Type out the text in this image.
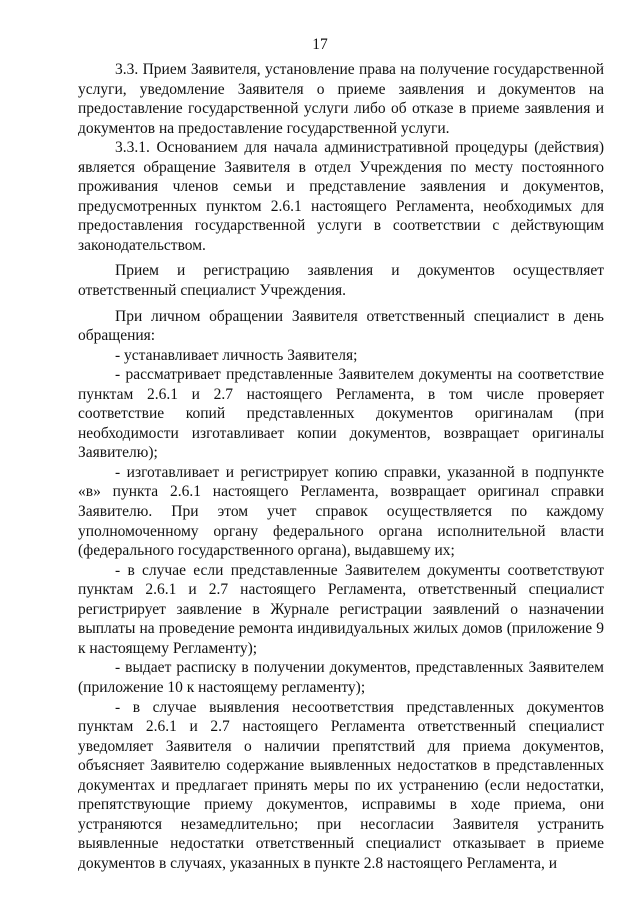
17

3.3. Прием Заявителя, установление права на получение государственной услуги, уведомление Заявителя о приеме заявления и документов на предоставление государственной услуги либо об отказе в приеме заявления и документов на предоставление государственной услуги.

3.3.1. Основанием для начала административной процедуры (действия) является обращение Заявителя в отдел Учреждения по месту постоянного проживания членов семьи и представление заявления и документов, предусмотренных пунктом 2.6.1 настоящего Регламента, необходимых для предоставления государственной услуги в соответствии с действующим законодательством.

Прием и регистрацию заявления и документов осуществляет ответственный специалист Учреждения.

При личном обращении Заявителя ответственный специалист в день обращения:

- устанавливает личность Заявителя;

- рассматривает представленные Заявителем документы на соответствие пунктам 2.6.1 и 2.7 настоящего Регламента, в том числе проверяет соответствие копий представленных документов оригиналам (при необходимости изготавливает копии документов, возвращает оригиналы Заявителю);

- изготавливает и регистрирует копию справки, указанной в подпункте «в» пункта 2.6.1 настоящего Регламента, возвращает оригинал справки Заявителю. При этом учет справок осуществляется по каждому уполномоченному органу федерального органа исполнительной власти (федерального государственного органа), выдавшему их;

- в случае если представленные Заявителем документы соответствуют пунктам 2.6.1 и 2.7 настоящего Регламента, ответственный специалист регистрирует заявление в Журнале регистрации заявлений о назначении выплаты на проведение ремонта индивидуальных жилых домов (приложение 9 к настоящему Регламенту);

- выдает расписку в получении документов, представленных Заявителем (приложение 10 к настоящему регламенту);

- в случае выявления несоответствия представленных документов пунктам 2.6.1 и 2.7 настоящего Регламента ответственный специалист уведомляет Заявителя о наличии препятствий для приема документов, объясняет Заявителю содержание выявленных недостатков в представленных документах и предлагает принять меры по их устранению (если недостатки, препятствующие приему документов, исправимы в ходе приема, они устраняются незамедлительно; при несогласии Заявителя устранить выявленные недостатки ответственный специалист отказывает в приеме документов в случаях, указанных в пункте 2.8 настоящего Регламента, и
